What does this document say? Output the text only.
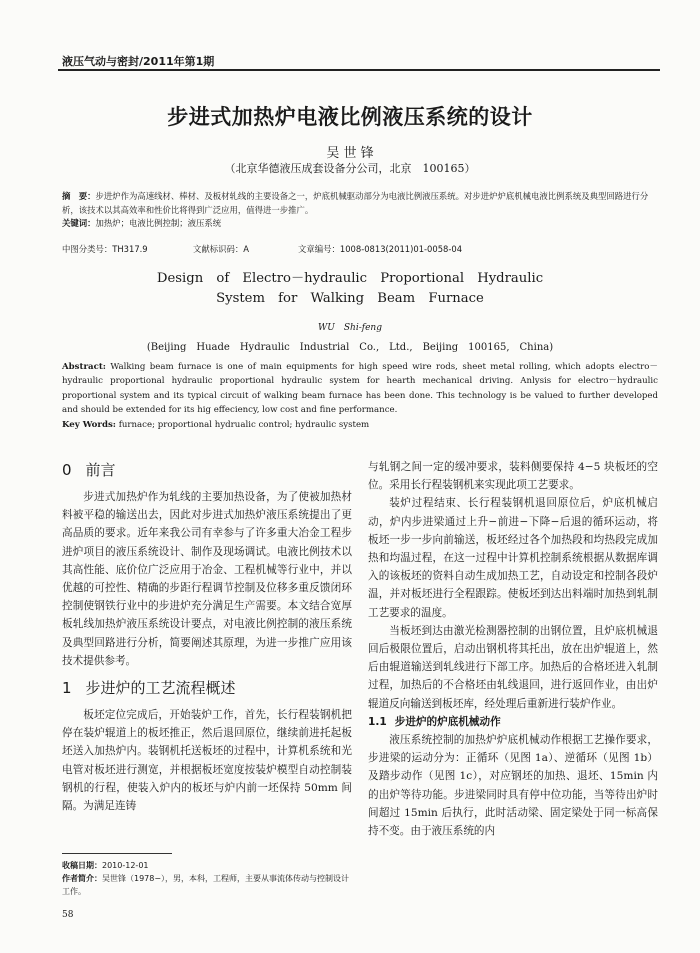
液压气动与密封/2011年第1期
步进式加热炉电液比例液压系统的设计
吴 世 锋
（北京华德液压成套设备分公司，北京　100165）
摘　要：步进炉作为高速线材、棒材、及板材轧线的主要设备之一，炉底机械驱动部分为电液比例液压系统。对步进炉炉底机械电液比例系统及典型回路进行分析，该技术以其高效率和性价比将得到广泛应用，值得进一步推广。
关键词：加热炉；电液比例控制；液压系统
中图分类号：TH317.9	文献标识码：A	文章编号：1008-0813(2011)01-0058-04
Design　of　Electro－hydraulic　Proportional　Hydraulic
System　for　Walking　Beam　Furnace
WU　Shi-feng
(Beijing　Huade　Hydraulic　Industrial　Co.,　Ltd.,　Beijing　100165,　China)
Abstract: Walking beam furnace is one of main equipments for high speed wire rods, sheet metal rolling, which adopts electro－hydraulic proportional hydraulic proportional hydraulic system for hearth mechanical driving. Anlysis for electro－hydraulic proportional system and its typical circuit of walking beam furnace has been done. This technology is be valued to further developed and should be extended for its hig effeciency, low cost and fine performance.
Key Words: furnace; proportional hydrualic control; hydraulic system
0 前言

步进式加热炉作为轧线的主要加热设备，为了使被加热材料被平稳的输送出去，因此对步进式加热炉液压系统提出了更高品质的要求。近年来我公司有幸参与了许多重大冶金工程步进炉项目的液压系统设计、制作及现场调试。电液比例技术以其高性能、底价位广泛应用于冶金、工程机械等行业中，并以优越的可控性、精确的步距行程调节控制及位移多重反馈闭环控制使钢铁行业中的步进炉充分满足生产需要。本文结合宽厚板轧线加热炉液压系统设计要点，对电液比例控制的液压系统及典型回路进行分析，简要阐述其原理，为进一步推广应用该技术提供参考。

1 步进炉的工艺流程概述

板坯定位完成后，开始装炉工作，首先，长行程装钢机把停在装炉辊道上的板坯推正，然后退回原位，继续前进托起板坯送入加热炉内。装钢机托送板坯的过程中，计算机系统和光电管对板坯进行测宽，并根据板坯宽度按装炉模型自动控制装钢机的行程，使装入炉内的板坯与炉内前一坯保持 50mm 间隔。为满足连铸

与轧钢之间一定的缓冲要求，装料侧要保持 4−5 块板坯的空位。采用长行程装钢机来实现此项工艺要求。

装炉过程结束、长行程装钢机退回原位后，炉底机械启动，炉内步进梁通过上升−前进−下降−后退的循环运动，将板坯一步一步向前输送，板坯经过各个加热段和均热段完成加热和均温过程，在这一过程中计算机控制系统根据从数据库调入的该板坯的资料自动生成加热工艺，自动设定和控制各段炉温，并对板坯进行全程跟踪。使板坯到达出料端时加热到轧制工艺要求的温度。

当板坯到达由激光检测器控制的出钢位置，且炉底机械退回后极限位置后，启动出钢机将其托出，放在出炉辊道上，然后由辊道输送到轧线进行下部工序。加热后的合格坯进入轧制过程，加热后的不合格坯由轧线退回，进行返回作业，由出炉辊道反向输送到板坯库，经处理后重新进行装炉作业。

1.1 步进炉的炉底机械动作

液压系统控制的加热炉炉底机械动作根据工艺操作要求，步进梁的运动分为：正循环（见图 1a）、逆循环（见图 1b）及踏步动作（见图 1c），对应钢坯的加热、退坯、15min 内的出炉等待功能。步进梁同时具有停中位功能，当等待出炉时间超过 15min 后执行，此时活动梁、固定梁处于同一标高保持不变。由于液压系统的内

收稿日期：2010-12-01
作者简介：吴世锋（1978−），男，本科，工程师，主要从事流体传动与控制设计工作。
58
